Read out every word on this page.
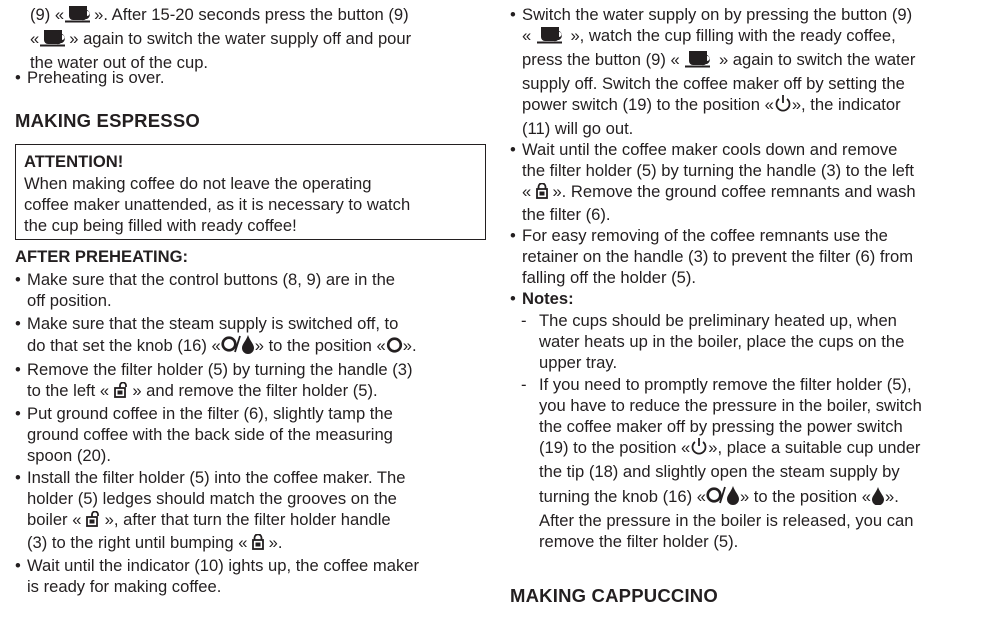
(9) « ». After 15-20 seconds press the button (9)

« » again to switch the water supply off and pour

the water out of the cup.

• Preheating is over.

MAKING ESPRESSO
ATTENTION!

When making coffee do not leave the operating

coffee maker unattended, as it is necessary to watch

the cup being filled with ready coffee!

AFTER PREHEATING:
• Make sure that the control buttons (8, 9) are in the
off position.
• Make sure that the steam supply is switched off, to
do that set the knob (16) « » to the position « ».
• Remove the filter holder (5) by turning the handle (3)
to the left «  » and remove the filter holder (5).
• Put ground coffee in the filter (6), slightly tamp the
ground coffee with the back side of the measuring
spoon (20).
• Install the filter holder (5) into the coffee maker. The
holder (5) ledges should match the grooves on the
boiler «  », after that turn the filter holder handle
(3) to the right until bumping «  ».
• Wait until the indicator (10) ights up, the coffee maker
is ready for making coffee.
• Switch the water supply on by pressing the button (9)
«  », watch the cup filling with the ready coffee,
press the button (9) «  » again to switch the water
supply off. Switch the coffee maker off by setting the
power switch (19) to the position « », the indicator
(11) will go out.
• Wait until the coffee maker cools down and remove
the filter holder (5) by turning the handle (3) to the left
«  ». Remove the ground coffee remnants and wash
the filter (6).
• For easy removing of the coffee remnants use the
retainer on the handle (3) to prevent the filter (6) from
falling off the holder (5).
• Notes:
- The cups should be preliminary heated up, when
water heats up in the boiler, place the cups on the
upper tray.
- If you need to promptly remove the filter holder (5),
you have to reduce the pressure in the boiler, switch
the coffee maker off by pressing the power switch
(19) to the position « », place a suitable cup under
the tip (18) and slightly open the steam supply by
turning the knob (16) « » to the position « ».
After the pressure in the boiler is released, you can
remove the filter holder (5).
MAKING CAPPUCCINO
